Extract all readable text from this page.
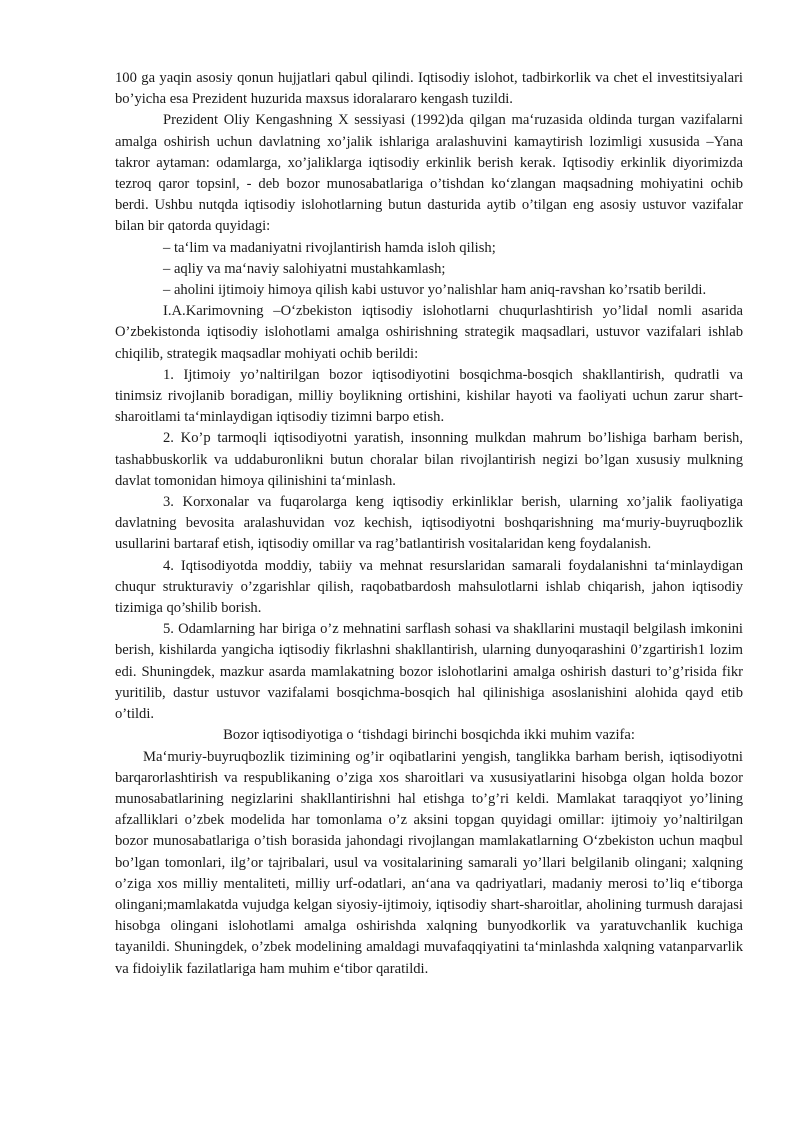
100 ga yaqin asosiy qonun hujjatlari qabul qilindi. Iqtisodiy islohot, tadbirkorlik va chet el investitsiyalari bo’yicha esa Prezident huzurida maxsus idoralararo kengash tuzildi.

Prezident Oliy Kengashning X sessiyasi (1992)da qilgan ma‘ruzasida oldinda turgan vazifalarni amalga oshirish uchun davlatning xo’jalik ishlariga aralashuvini kamaytirish lozimligi xususida –Yana takror aytaman: odamlarga, xo’jaliklarga iqtisodiy erkinlik berish kerak. Iqtisodiy erkinlik diyorimizda tezroq qaror topsin‖, - deb bozor munosabatlariga o’tishdan ko‘zlangan maqsadning mohiyatini ochib berdi. Ushbu nutqda iqtisodiy islohotlarning butun dasturida aytib o’tilgan eng asosiy ustuvor vazifalar bilan bir qatorda quyidagi:

– ta‘lim va madaniyatni rivojlantirish hamda isloh qilish;

– aqliy va ma‘naviy salohiyatni mustahkamlash;

– aholini ijtimoiy himoya qilish kabi ustuvor yo’nalishlar ham aniq-ravshan ko’rsatib berildi.

I.A.Karimovning –O‘zbekiston iqtisodiy islohotlarni chuqurlashtirish yo’lida‖ nomli asarida O’zbekistonda iqtisodiy islohotlami amalga oshirishning strategik maqsadlari, ustuvor vazifalari ishlab chiqilib, strategik maqsadlar mohiyati ochib berildi:

1. Ijtimoiy yo’naltirilgan bozor iqtisodiyotini bosqichma-bosqich shakllantirish, qudratli va tinimsiz rivojlanib boradigan, milliy boylikning ortishini, kishilar hayoti va faoliyati uchun zarur shart-sharoitlami ta‘minlaydigan iqtisodiy tizimni barpo etish.

2. Ko’p tarmoqli iqtisodiyotni yaratish, insonning mulkdan mahrum bo’lishiga barham berish, tashabbuskorlik va uddaburonlikni butun choralar bilan rivojlantirish negizi bo’lgan xususiy mulkning davlat tomonidan himoya qilinishini ta‘minlash.

3. Korxonalar va fuqarolarga keng iqtisodiy erkinliklar berish, ularning xo’jalik faoliyatiga davlatning bevosita aralashuvidan voz kechish, iqtisodiyotni boshqarishning ma‘muriy-buyruqbozlik usullarini bartaraf etish, iqtisodiy omillar va rag’batlantirish vositalaridan keng foydalanish.

4. Iqtisodiyotda moddiy, tabiiy va mehnat resurslaridan samarali foydalanishni ta‘minlaydigan chuqur strukturaviy o’zgarishlar qilish, raqobatbardosh mahsulotlarni ishlab chiqarish, jahon iqtisodiy tizimiga qo’shilib borish.

5. Odamlarning har biriga o’z mehnatini sarflash sohasi va shakllarini mustaqil belgilash imkonini berish, kishilarda yangicha iqtisodiy fikrlashni shakllantirish, ularning dunyoqarashini 0’zgartirish1 lozim edi. Shuningdek, mazkur asarda mamlakatning bozor islohotlarini amalga oshirish dasturi to’g’risida fikr yuritilib, dastur ustuvor vazifalami bosqichma-bosqich hal qilinishiga asoslanishini alohida qayd etib o’tildi.

Bozor iqtisodiyotiga o ‘tishdagi birinchi bosqichda ikki muhim vazifa:

Ma‘muriy-buyruqbozlik tizimining og’ir oqibatlarini yengish, tanglikka barham berish, iqtisodiyotni barqarorlashtirish va respublikaning o’ziga xos sharoitlari va xususiyatlarini hisobga olgan holda bozor munosabatlarining negizlarini shakllantirishni hal etishga to’g’ri keldi. Mamlakat taraqqiyot yo’lining afzalliklari o’zbek modelida har tomonlama o’z aksini topgan quyidagi omillar: ijtimoiy yo’naltirilgan bozor munosabatlariga o’tish borasida jahondagi rivojlangan mamlakatlarning O‘zbekiston uchun maqbul bo’lgan tomonlari, ilg’or tajribalari, usul va vositalarining samarali yo’llari belgilanib olingani; xalqning o’ziga xos milliy mentaliteti, milliy urf-odatlari, an‘ana va qadriyatlari, madaniy merosi to’liq e‘tiborga olingani;mamlakatda vujudga kelgan siyosiy-ijtimoiy, iqtisodiy shart-sharoitlar, aholining turmush darajasi hisobga olingani islohotlami amalga oshirishda xalqning bunyodkorlik va yaratuvchanlik kuchiga tayanildi. Shuningdek, o’zbek modelining amaldagi muvafaqqiyatini ta‘minlashda xalqning vatanparvarlik va fidoiylik fazilatlariga ham muhim e‘tibor qaratildi.
